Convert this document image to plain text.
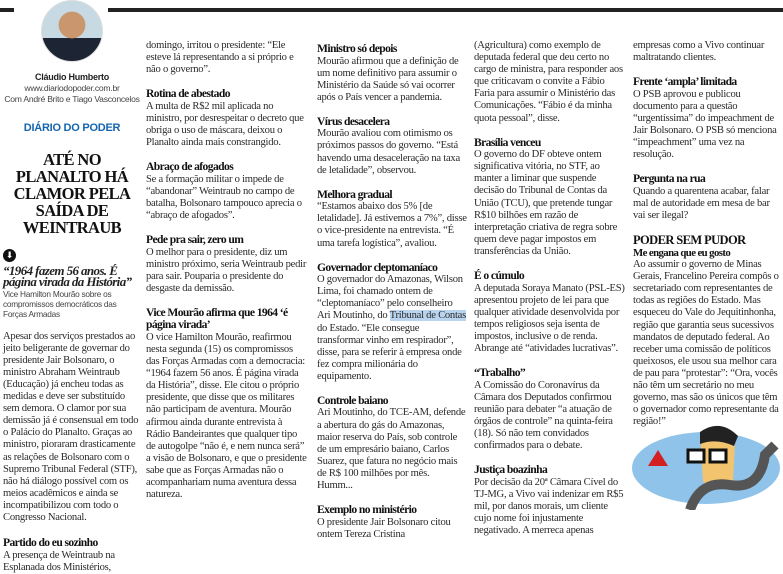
Cláudio Humberto
www.diariodopoder.com.br
Com André Brito e Tiago Vasconcelos
DIÁRIO DO PODER
ATÉ NO PLANALTO HÁ CLAMOR PELA SAÍDA DE WEINTRAUB
⬇
“1964 fazem 56 anos. É página virada da História”
Vice Hamilton Mourão sobre os compromissos democráticos das Forças Armadas
Apesar dos serviços prestados ao jeito beligerante de governar do presidente Jair Bolsonaro, o ministro Abraham Weintraub (Educação) já encheu todas as medidas e deve ser substituído sem demora. O clamor por sua demissão já é consensual em todo o Palácio do Planalto. Graças ao ministro, pioraram drasticamente as relações de Bolsonaro com o Supremo Tribunal Federal (STF), não há diálogo possível com os meios acadêmicos e ainda se incompatibilizou com todo o Congresso Nacional.
Partido do eu sozinho
A presença de Weintraub na Esplanada dos Ministérios,
domingo, irritou o presidente: “Ele esteve lá representando a si próprio e não o governo”.
Rotina de abestado
A multa de R$2 mil aplicada no ministro, por desrespeitar o decreto que obriga o uso de máscara, deixou o Planalto ainda mais constrangido.
Abraço de afogados
Se a formação militar o impede de “abandonar” Weintraub no campo de batalha, Bolsonaro tampouco aprecia o “abraço de afogados”.
Pede pra sair, zero um
O melhor para o presidente, diz um ministro próximo, seria Weintraub pedir para sair. Pouparia o presidente do desgaste da demissão.
Vice Mourão afirma que 1964 ‘é página virada’
O vice Hamilton Mourão, reafirmou nesta segunda (15) os compromissos das Forças Armadas com a democracia: “1964 fazem 56 anos. É página virada da História”, disse. Ele citou o próprio presidente, que disse que os militares não participam de aventura. Mourão afirmou ainda durante entrevista à Rádio Bandeirantes que qualquer tipo de autogolpe “não é, e nem nunca será” a visão de Bolsonaro, e que o presidente sabe que as Forças Armadas não o acompanhariam numa aventura dessa natureza.
Ministro só depois
Mourão afirmou que a definição de um nome definitivo para assumir o Ministério da Saúde só vai ocorrer após o País vencer a pandemia.
Vírus desacelera
Mourão avaliou com otimismo os próximos passos do governo. “Está havendo uma desaceleração na taxa de letalidade”, observou.
Melhora gradual
“Estamos abaixo dos 5% [de letalidade]. Já estivemos a 7%”, disse o vice-presidente na entrevista. “É uma tarefa logística”, avaliou.
Governador cleptomaníaco
O governador do Amazonas, Wilson Lima, foi chamado ontem de “cleptomaníaco” pelo conselheiro Ari Moutinho, do Tribunal de Contas do Estado. “Ele consegue transformar vinho em respirador”, disse, para se referir à empresa onde fez compra milionária do equipamento.
Controle baiano
Ari Moutinho, do TCE-AM, defende a abertura do gás do Amazonas, maior reserva do País, sob controle de um empresário baiano, Carlos Suarez, que fatura no negócio mais de R$ 100 milhões por mês. Humm...
Exemplo no ministério
O presidente Jair Bolsonaro citou ontem Tereza Cristina
(Agricultura) como exemplo de deputada federal que deu certo no cargo de ministra, para responder aos que criticavam o convite a Fábio Faria para assumir o Ministério das Comunicações. “Fábio é da minha quota pessoal”, disse.
Brasília venceu
O governo do DF obteve ontem significativa vitória, no STF, ao manter a liminar que suspende decisão do Tribunal de Contas da União (TCU), que pretende tungar R$10 bilhões em razão de interpretação criativa de regra sobre quem deve pagar impostos em transferências da União.
É o cúmulo
A deputada Soraya Manato (PSL-ES) apresentou projeto de lei para que qualquer atividade desenvolvida por tempos religiosos seja isenta de impostos, inclusive o de renda. Abrange até “atividades lucrativas”.
“Trabalho”
A Comissão do Coronavírus da Câmara dos Deputados confirmou reunião para debater “a atuação de órgãos de controle” na quinta-feira (18). Só não tem convidados confirmados para o debate.
Justiça boazinha
Por decisão da 20ª Câmara Cível do TJ-MG, a Vivo vai indenizar em R$5 mil, por danos morais, um cliente cujo nome foi injustamente negativado. A merreca apenas
empresas como a Vivo continuar maltratando clientes.
Frente ‘ampla’ limitada
O PSB aprovou e publicou documento para a questão “urgentíssima” do impeachment de Jair Bolsonaro. O PSB só menciona “impeachment” uma vez na resolução.
Pergunta na rua
Quando a quarentena acabar, falar mal de autoridade em mesa de bar vai ser ilegal?
PODER SEM PUDOR
Me engana que eu gosto
Ao assumir o governo de Minas Gerais, Francelino Pereira compôs o secretariado com representantes de todas as regiões do Estado. Mas esqueceu do Vale do Jequitinhonha, região que garantia seus sucessivos mandatos de deputado federal. Ao receber uma comissão de políticos queixosos, ele usou sua melhor cara de pau para “protestar”: “Ora, vocês não têm um secretário no meu governo, mas são os únicos que têm o governador como representante da região!”
